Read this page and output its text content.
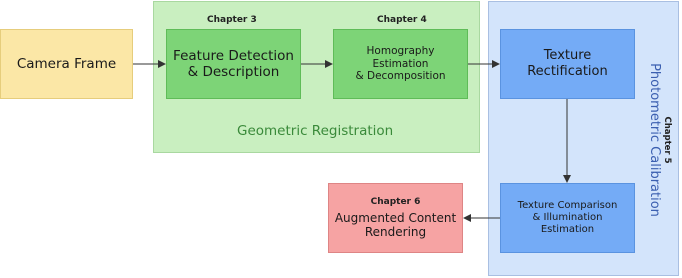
Chapter 3	Chapter 4
Camera Frame
Feature Detection
& Description
Homography Estimation
& Decomposition
Texture
Rectification
Texture Comparison
& Illumination Estimation
Chapter 6
Augmented Content
Rendering
Geometric Registration	Chapter 5
Photometric Calibration
